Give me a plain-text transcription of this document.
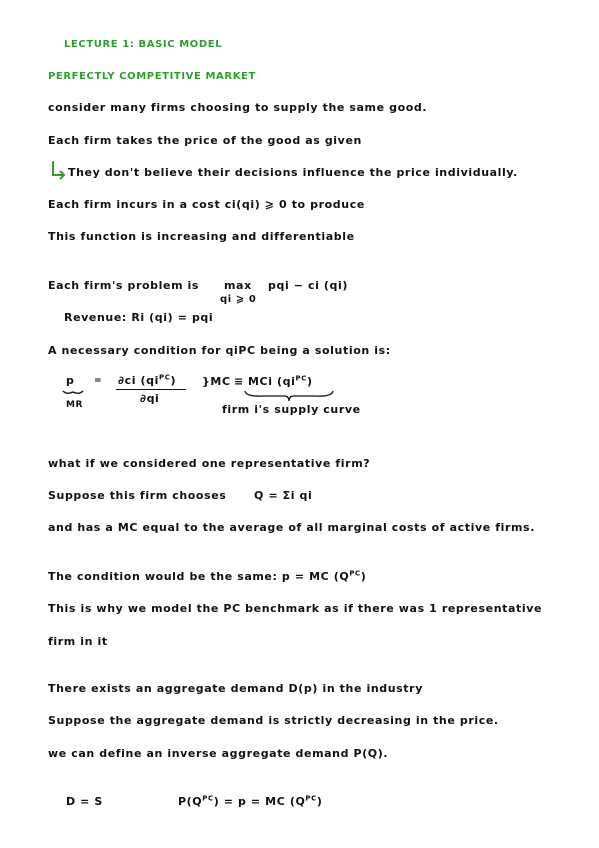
LECTURE 1: BASIC MODEL
PERFECTLY COMPETITIVE MARKET
consider many firms choosing to supply the same good.
Each firm takes the price of the good as given
They don't believe their decisions influence the price individually.
Each firm incurs in a cost ci(qi) ⩾ 0 to produce
This function is increasing and differentiable
Each firm's problem is max
qi ⩾ 0
pqi − ci (qi)
Revenue: Ri (qi) = pqi
A necessary condition for qiPC being a solution is:
p
MR
= ∂ci $(qi^{PC})$
∂qi
}MC ≡ MCi $(qi^{PC})$
firm i's supply curve
what if we considered one representative firm?
Suppose this firm chooses	Q = Σi qi
and has a MC equal to the average of all marginal costs of active firms.
The condition would be the same: p = MC $(Q^{PC})$
This is why we model the PC benchmark as if there was 1 representative
firm in it
There exists an aggregate demand D(p) in the industry
Suppose the aggregate demand is strictly decreasing in the price.
we can define an inverse aggregate demand P(Q).
D = S	$P(Q^{PC}) = p$ = MC $(Q^{PC})$
